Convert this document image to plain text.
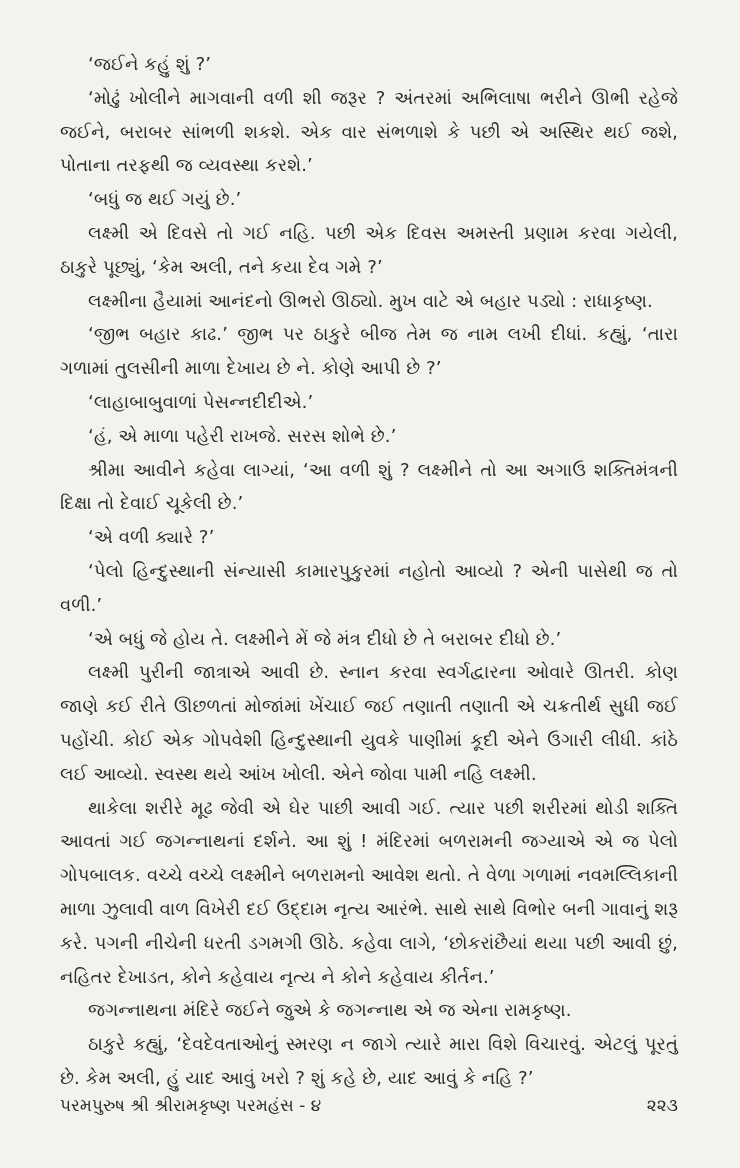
‘જઈને કહું શું ?’

‘મોઢું ખોલીને માગવાની વળી શી જરૂર ? અંતરમાં અભિલાષા ભરીને ઊભી રહેજે જઈને, બરાબર સાંભળી શકશે. એક વાર સંભળાશે કે પછી એ અસ્થિર થઈ જશે, પોતાના તરફથી જ વ્યવસ્થા કરશે.’

‘બધું જ થઈ ગયું છે.’

લક્ષ્મી એ દિવસે તો ગઈ નહિ. પછી એક દિવસ અમસ્તી પ્રણામ કરવા ગયેલી, ઠાકુરે પૂછ્યું, ‘કેમ અલી, તને કયા દેવ ગમે ?’

લક્ષ્મીના હૈયામાં આનંદનો ઊભરો ઊઠ્યો. મુખ વાટે એ બહાર પડ્યો : રાધાકૃષ્ણ.

‘જીભ બહાર કાઢ.’ જીભ પર ઠાકુરે બીજ તેમ જ નામ લખી દીધાં. કહ્યું, ‘તારા ગળામાં તુલસીની માળા દેખાય છે ને. કોણે આપી છે ?’

‘લાહાબાબુવાળાં પેસન્નદીદીએ.’

‘હં, એ માળા પહેરી રાખજે. સરસ શોભે છે.’

શ્રીમા આવીને કહેવા લાગ્યાં, ‘આ વળી શું ? લક્ષ્મીને તો આ અગાઉ શક્તિમંત્રની દિક્ષા તો દેવાઈ ચૂકેલી છે.’

‘એ વળી ક્યારે ?’

‘પેલો હિન્દુસ્થાની સંન્યાસી કામારપુકુરમાં નહોતો આવ્યો ? એની પાસેથી જ તો વળી.’

‘એ બધું જે હોય તે. લક્ષ્મીને મેં જે મંત્ર દીધો છે તે બરાબર દીધો છે.’

લક્ષ્મી પુરીની જાત્રાએ આવી છે. સ્નાન કરવા સ્વર્ગદ્વારના ઓવારે ઊતરી. કોણ જાણે કઈ રીતે ઊછળતાં મોજાંમાં ખેંચાઈ જઈ તણાતી તણાતી એ ચક્રતીર્થ સુધી જઈ પહોંચી. કોઈ એક ગોપવેશી હિન્દુસ્થાની યુવકે પાણીમાં કૂદી એને ઉગારી લીધી. કાંઠે લઈ આવ્યો. સ્વસ્થ થયે આંખ ખોલી. એને જોવા પામી નહિ લક્ષ્મી.

થાકેલા શરીરે મૂઢ જેવી એ ઘેર પાછી આવી ગઈ. ત્યાર પછી શરીરમાં થોડી શક્તિ આવતાં ગઈ જગન્નાથનાં દર્શને. આ શું ! મંદિરમાં બળરામની જગ્યાએ એ જ પેલો ગોપબાલક. વચ્ચે વચ્ચે લક્ષ્મીને બળરામનો આવેશ થતો. તે વેળા ગળામાં નવમલ્લિકાની માળા ઝુલાવી વાળ વિખેરી દઈ ઉદ્દામ નૃત્ય આરંભે. સાથે સાથે વિભોર બની ગાવાનું શરૂ કરે. પગની નીચેની ધરતી ડગમગી ઊઠે. કહેવા લાગે, ‘છોકરાંછૈયાં થયા પછી આવી છું, નહિતર દેખાડત, કોને કહેવાય નૃત્ય ને કોને કહેવાય કીર્તન.’

જગન્નાથના મંદિરે જઈને જુએ કે જગન્નાથ એ જ એના રામકૃષ્ણ.

ઠાકુરે કહ્યું, ‘દેવદેવતાઓનું સ્મરણ ન જાગે ત્યારે મારા વિશે વિચારવું. એટલું પૂરતું છે. કેમ અલી, હું યાદ આવું ખરો ? શું કહે છે, યાદ આવું કે નહિ ?’

પરમપુરુષ શ્રી શ્રીરામકૃષ્ણ પરમહંસ - ૪	૨૨૩
